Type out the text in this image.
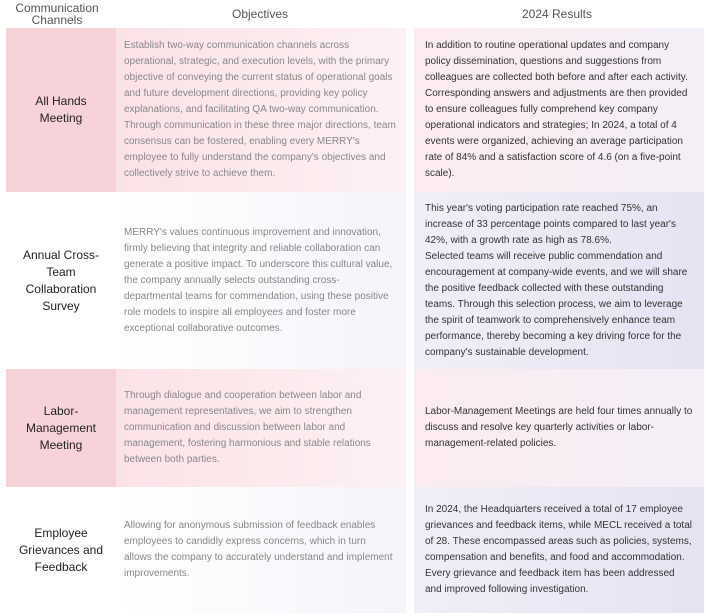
Communication Channels	Objectives	2024 Results
All Hands Meeting
Establish two-way communication channels across operational, strategic, and execution levels, with the primary objective of conveying the current status of operational goals and future development directions, providing key policy explanations, and facilitating QA two-way communication. Through communication in these three major directions, team consensus can be fostered, enabling every MERRY's employee to fully understand the company's objectives and collectively strive to achieve them.
In addition to routine operational updates and company policy dissemination, questions and suggestions from colleagues are collected both before and after each activity. Corresponding answers and adjustments are then provided to ensure colleagues fully comprehend key company operational indicators and strategies; In 2024, a total of 4 events were organized, achieving an average participation rate of 84% and a satisfaction score of 4.6 (on a five-point scale).
Annual Cross-Team Collaboration Survey
MERRY's values continuous improvement and innovation, firmly believing that integrity and reliable collaboration can generate a positive impact. To underscore this cultural value, the company annually selects outstanding cross-departmental teams for commendation, using these positive role models to inspire all employees and foster more exceptional collaborative outcomes.

This year's voting participation rate reached 75%, an increase of 33 percentage points compared to last year's 42%, with a growth rate as high as 78.6%.

Selected teams will receive public commendation and encouragement at company-wide events, and we will share the positive feedback collected with these outstanding teams. Through this selection process, we aim to leverage the spirit of teamwork to comprehensively enhance team performance, thereby becoming a key driving force for the company's sustainable development.

Labor-Management Meeting
Through dialogue and cooperation between labor and management representatives, we aim to strengthen communication and discussion between labor and management, fostering harmonious and stable relations between both parties.
Labor-Management Meetings are held four times annually to discuss and resolve key quarterly activities or labor-management-related policies.
Employee Grievances and Feedback
Allowing for anonymous submission of feedback enables employees to candidly express concerns, which in turn allows the company to accurately understand and implement improvements.
In 2024, the Headquarters received a total of 17 employee grievances and feedback items, while MECL received a total of 28. These encompassed areas such as policies, systems, compensation and benefits, and food and accommodation. Every grievance and feedback item has been addressed and improved following investigation.
